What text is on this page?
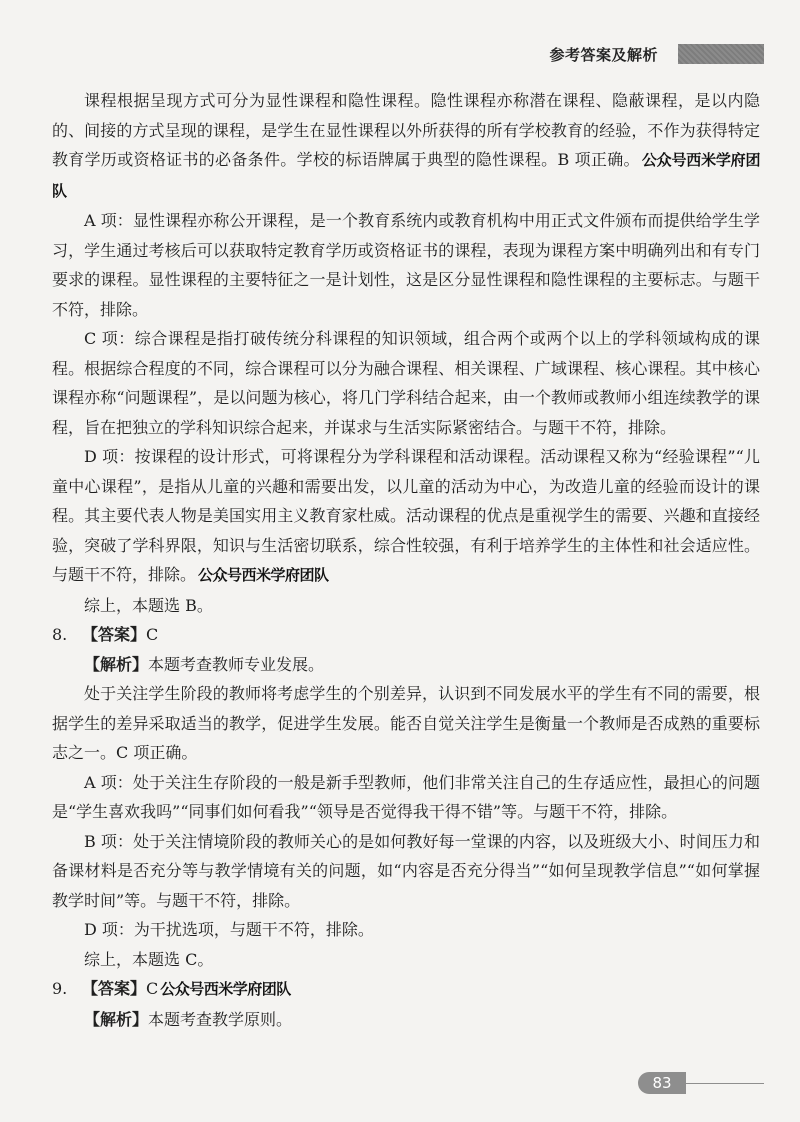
参考答案及解析

课程根据呈现方式可分为显性课程和隐性课程。隐性课程亦称潜在课程、隐蔽课程，是以内隐的、间接的方式呈现的课程，是学生在显性课程以外所获得的所有学校教育的经验，不作为获得特定教育学历或资格证书的必备条件。学校的标语牌属于典型的隐性课程。B 项正确。 公众号西米学府团队

A 项：显性课程亦称公开课程，是一个教育系统内或教育机构中用正式文件颁布而提供给学生学习，学生通过考核后可以获取特定教育学历或资格证书的课程，表现为课程方案中明确列出和有专门要求的课程。显性课程的主要特征之一是计划性，这是区分显性课程和隐性课程的主要标志。与题干不符，排除。

C 项：综合课程是指打破传统分科课程的知识领域，组合两个或两个以上的学科领域构成的课程。根据综合程度的不同，综合课程可以分为融合课程、相关课程、广域课程、核心课程。其中核心课程亦称“问题课程”，是以问题为核心，将几门学科结合起来，由一个教师或教师小组连续教学的课程，旨在把独立的学科知识综合起来，并谋求与生活实际紧密结合。与题干不符，排除。

D 项：按课程的设计形式，可将课程分为学科课程和活动课程。活动课程又称为“经验课程”“儿童中心课程”，是指从儿童的兴趣和需要出发，以儿童的活动为中心，为改造儿童的经验而设计的课程。其主要代表人物是美国实用主义教育家杜威。活动课程的优点是重视学生的需要、兴趣和直接经验，突破了学科界限，知识与生活密切联系，综合性较强，有利于培养学生的主体性和社会适应性。与题干不符，排除。 公众号西米学府团队

综上，本题选 B。

8. 【答案】C

【解析】本题考查教师专业发展。

处于关注学生阶段的教师将考虑学生的个别差异，认识到不同发展水平的学生有不同的需要，根据学生的差异采取适当的教学，促进学生发展。能否自觉关注学生是衡量一个教师是否成熟的重要标志之一。C 项正确。

A 项：处于关注生存阶段的一般是新手型教师，他们非常关注自己的生存适应性，最担心的问题是“学生喜欢我吗”“同事们如何看我”“领导是否觉得我干得不错”等。与题干不符，排除。

B 项：处于关注情境阶段的教师关心的是如何教好每一堂课的内容，以及班级大小、时间压力和备课材料是否充分等与教学情境有关的问题，如“内容是否充分得当”“如何呈现教学信息”“如何掌握教学时间”等。与题干不符，排除。

D 项：为干扰选项，与题干不符，排除。

综上，本题选 C。

9. 【答案】C 公众号西米学府团队

【解析】本题考查教学原则。

83
